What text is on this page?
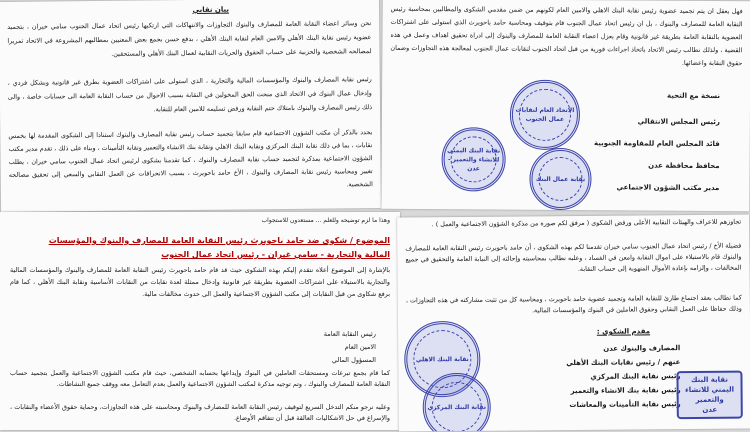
بيان نقابي
نحن وسائر اعضاء النقابة العامة للمصارف والبنوك التجاوزات والانتهاكات التي ارتكبها رئيس اتحاد عمال الجنوب سامي خيران ، بتجميد عضوية رئيس نقابة البنك الأهلي والامين العام لنقابة البنك الأهلي ، بدفع حسن بجمع بعض المعنيين بمطالبهم المشروعة في الاتحاد تمريرا لمصالحه الشخصية والحزبية على حساب الحقوق والحريات النقابية لعمال البنك الأهلي والمستحقين.
رئيس نقابة المصارف والبنوك والمؤسسات المالية والتجارية ، الذي استولى على اشتراكات العضوية بطرق غير قانونية وبشكل فردي ، وإدخال عمال البنوك في الاتحاد الذي منحت الحق المخولين في النقابة بسبب الاحوال من حساب النقابة العامة الى حسابات خاصة ، والى ذلك رئيس المصارف والبنوك بامتلاك حتم النقابة ورفض تسليمه للامين العام للنقابة.
يجدد بالذكر أن مكتب الشؤون الاجتماعية قام سابقا بتجميد حساب رئيس نقابة المصارف والبنوك استنادا إلى الشكوى المقدمة لها بخمس نقابات ، بما في ذلك نقابة البنك المركزي ونقابة البنك الاهلي ونقابة بنك الانشاء والتعمير ونقابة التأمينات ، وبناء على ذلك ، تقدم مدير مكتب الشؤون الاجتماعية بمذكرة لتجميد حساب نقابة المصارف والبنوك ، كما تقدمنا بشكوى لرئيس اتحاد عمال الجنوب سامي خيران ، يطلب تغيير ومحاسبة رئيس نقابة المصارف والبنوك ، الأخ حامد باحويرث ، بسبب الانحرافات عن العمل النقابي والسعي إلى تحقيق مصالحه الشخصية.
فهل يعقل ان يتم تجميد عضوية رئيس نقابة البنك الاهلي والامين العام لكونهم من ضمن مقدمي الشكوى والمطالبين بمحاسبة رئيس النقابة العامة للمصارف والبنوك ، بل ان رئيس اتحاد عمال الجنوب قام بتوقيف ومحاسبة حامد باحويرث الذي استولى على اشتراكات العضوية بالنقابة العامة بطريقة غير قانونية وقام بعزل اعضاء النقابة العامة للمصارف والبنوك إلى ادراة تحقيق اهداف وعمل في هذه القضية ، ولذلك نطالب رئيس الاتحاد باتخاذ اجراءات فورية من قبل اتحاد الجنوب لنقابات عمال الجنوب لمعالجة هذه التجاوزات وضمان حقوق النقابة واعضائها.
نسخة مع التحية
رئيس المجلس الانتقالي
قائد المجلس العام للمقاومة الجنوبية
محافظ محافظة عدن
مدير مكتب الشؤون الاجتماعي
الاتحاد العام لنقابات عمال الجنوب
نقابة البنك اليمني للانشاء والتعمير - عدن
نقابة عمال البنك
وهذا ما لزم توضيحه وللعلم ... مستعدون للاستجواب
الموضوع / شكوى ضد حامد باحويرث رئيس النقابة العامة للمصارف والبنوك والمؤسسات
المالية والتجارية - سامي غيران - رئيس اتحاد عمال الجنوب
بالإشارة إلى الموضوع أعلاه نتقدم إليكم بهذه الشكوى حيث قد قام حامد باحويرث رئيس النقابة العامة للمصارف والبنوك والمؤسسات المالية والتجارية بالاستيلاء على اشتراكات العضوية بطريقة غير قانونية وإدخال ممثلة لعدة نقابات من النقابات الأساسية ونقابة البنك الأهلي ، كما قام برفع شكاوى من قبل النقابات إلى مكتب الشؤون الاجتماعية والعمل الى حدوث مخالفات مالية.
رئيس النقابة العامة
الامين العام
المسؤول المالي
كما قام بجمع تبرعات ومستحقات العاملين في البنوك وإيداعها بحسابه الشخصي، حيث قام مكتب الشؤون الاجتماعية والعمل بتجميد حساب النقابة العامة للمصارف والبنوك ، وتم توجيه مذكرة لمكتب الشؤون الاجتماعية والعمل بعدم التعامل معه ووقف جميع النشاطات.
وعليه نرجو منكم التدخل السريع لتوقيف رئيس النقابة العامة للمصارف والبنوك ومحاسبته على هذه التجاوزات، وحماية حقوق الأعضاء والنقابات ، والإسراع في حل الاشكاليات العالقة قبل أن تتفاقم الأوضاع.
تجاوزهم للاعراف والهيئات النقابية الأعلى ورفض الشكوى ( مرفق لكم صورة من مذكرة الشؤون الاجتماعية والعمل ) .
فضيلة الأخ / رئيس اتحاد عمال الجنوب سامي خيران تقدمنا لكم بهذه الشكوى ، أن حامد باحويرث رئيس النقابة العامة للمصارف والبنوك قام بالاستيلاء على اموال النقابة وامعن في الفساد ، وعليه نطالب بمحاسبته وإحالته إلى النيابة العامة والتحقيق في جميع المخالفات ، وإلزامه بإعادة الأموال المنهوبة إلى حساب النقابة.
كما نطالب بعقد اجتماع طارئ للنقابة العامة وتجميد عضوية حامد باحويرث ، ومحاسبة كل من تثبت مشاركته في هذه التجاوزات ، وذلك حفاظا على العمل النقابي وحقوق العاملين في البنوك والمؤسسات المالية.
مقدم الشكوى :
المصارف والبنوك عدن
عنهم / رئيس نقابات البنك الأهلي
رئيس نقابة البنك المركزي
رئيس نقابة بنك الانشاء والتعمير
رئيس نقابة التأمينات والمعاشات
نقابة البنك الاهلي
نقابة البنك المركزي
نقابة البنك
اليمني للانشاء
والتعمير
عدن
